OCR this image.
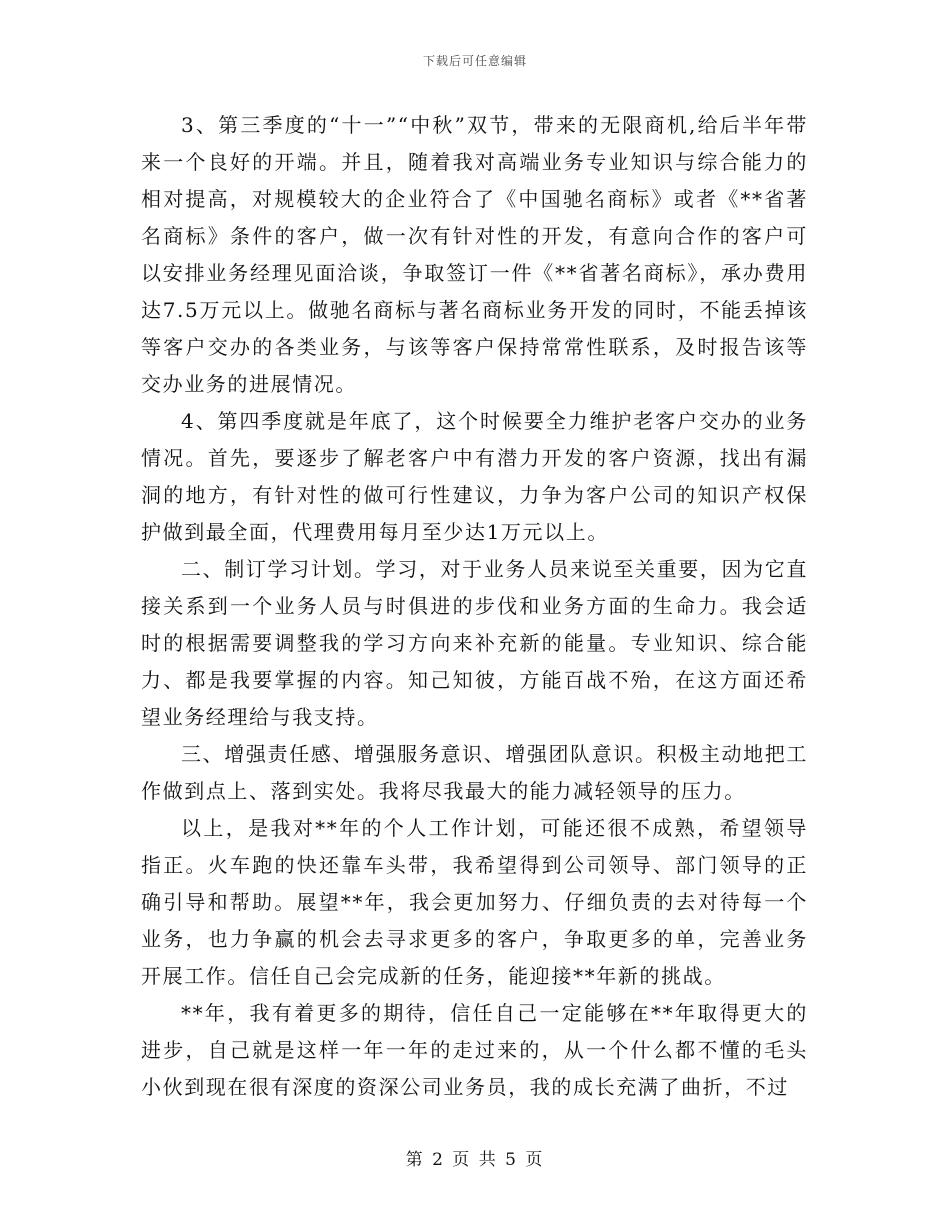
下载后可任意编辑

3、第三季度的“十一”“中秋”双节，带来的无限商机,给后半年带来一个良好的开端。并且，随着我对高端业务专业知识与综合能力的相对提高，对规模较大的企业符合了《中国驰名商标》或者《**省著名商标》条件的客户，做一次有针对性的开发，有意向合作的客户可以安排业务经理见面洽谈，争取签订一件《**省著名商标》，承办费用达7.5万元以上。做驰名商标与著名商标业务开发的同时，不能丢掉该等客户交办的各类业务，与该等客户保持常常性联系，及时报告该等交办业务的进展情况。

4、第四季度就是年底了，这个时候要全力维护老客户交办的业务情况。首先，要逐步了解老客户中有潜力开发的客户资源，找出有漏洞的地方，有针对性的做可行性建议，力争为客户公司的知识产权保护做到最全面，代理费用每月至少达1万元以上。

二、制订学习计划。学习，对于业务人员来说至关重要，因为它直接关系到一个业务人员与时俱进的步伐和业务方面的生命力。我会适时的根据需要调整我的学习方向来补充新的能量。专业知识、综合能力、都是我要掌握的内容。知己知彼，方能百战不殆，在这方面还希望业务经理给与我支持。

三、增强责任感、增强服务意识、增强团队意识。积极主动地把工作做到点上、落到实处。我将尽我最大的能力减轻领导的压力。

以上，是我对**年的个人工作计划，可能还很不成熟，希望领导指正。火车跑的快还靠车头带，我希望得到公司领导、部门领导的正确引导和帮助。展望**年，我会更加努力、仔细负责的去对待每一个业务，也力争赢的机会去寻求更多的客户，争取更多的单，完善业务开展工作。信任自己会完成新的任务，能迎接**年新的挑战。

**年，我有着更多的期待，信任自己一定能够在**年取得更大的进步，自己就是这样一年一年的走过来的，从一个什么都不懂的毛头小伙到现在很有深度的资深公司业务员，我的成长充满了曲折，不过

第 2 页 共 5 页
